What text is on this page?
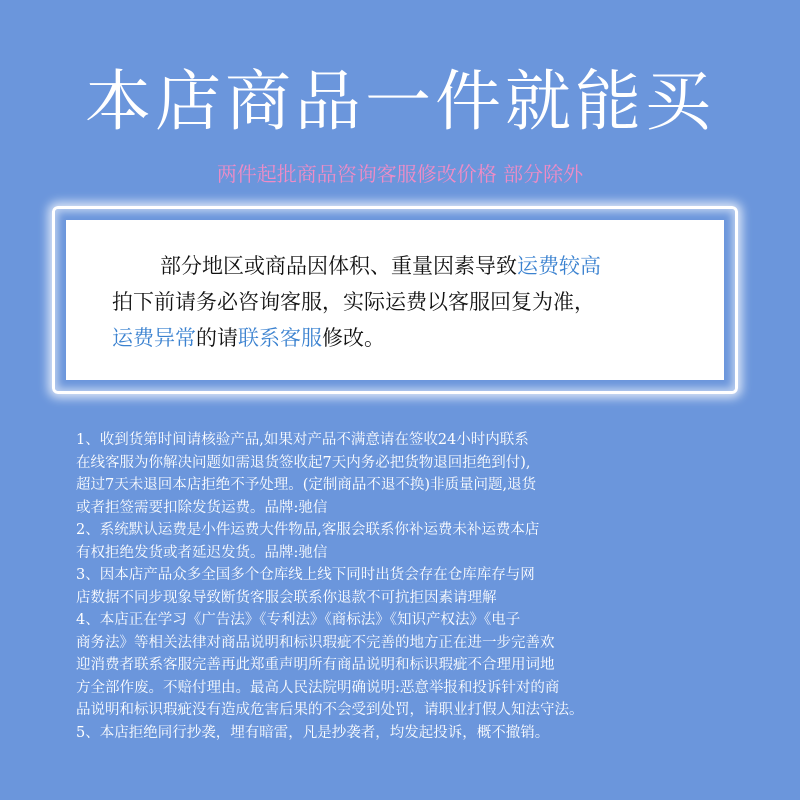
本店商品一件就能买
两件起批商品咨询客服修改价格 部分除外
部分地区或商品因体积、重量因素导致运费较高
拍下前请务必咨询客服，实际运费以客服回复为准，
运费异常的请联系客服修改。
1、收到货第时间请核验产品,如果对产品不满意请在签收24小时内联系
在线客服为你解决问题如需退货签收起7天内务必把货物退回拒绝到付),
超过7天未退回本店拒绝不予处理。(定制商品不退不换)非质量问题,退货
或者拒签需要扣除发货运费。品牌:驰信
2、系统默认运费是小件运费大件物品,客服会联系你补运费未补运费本店
有权拒绝发货或者延迟发货。品牌:驰信
3、因本店产品众多全国多个仓库线上线下同时出货会存在仓库库存与网
店数据不同步现象导致断货客服会联系你退款不可抗拒因素请理解
4、本店正在学习《广告法》《专利法》《商标法》《知识产权法》《电子
商务法》等相关法律对商品说明和标识瑕疵不完善的地方正在进一步完善欢
迎消费者联系客服完善再此郑重声明所有商品说明和标识瑕疵不合理用词地
方全部作废。不赔付理由。最高人民法院明确说明:恶意举报和投诉针对的商
品说明和标识瑕疵没有造成危害后果的不会受到处罚，请职业打假人知法守法。
5、本店拒绝同行抄袭，埋有暗雷，凡是抄袭者，均发起投诉，概不撤销。
